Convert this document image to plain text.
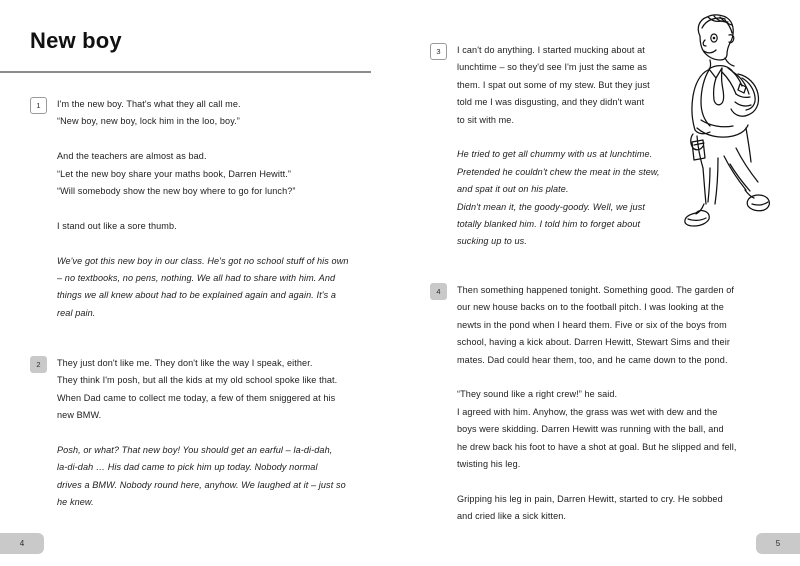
New boy
1	I'm the new boy. That's what they all call me.
“New boy, new boy, lock him in the loo, boy.”
And the teachers are almost as bad.
“Let the new boy share your maths book, Darren Hewitt.”
“Will somebody show the new boy where to go for lunch?”
I stand out like a sore thumb.
We've got this new boy in our class. He's got no school stuff of his own
– no textbooks, no pens, nothing. We all had to share with him. And
things we all knew about had to be explained again and again. It's a
real pain.
2	They just don't like me. They don't like the way I speak, either.
They think I'm posh, but all the kids at my old school spoke like that.
When Dad came to collect me today, a few of them sniggered at his
new BMW.
Posh, or what? That new boy! You should get an earful – la-di-dah,
la-di-dah … His dad came to pick him up today. Nobody normal
drives a BMW. Nobody round here, anyhow. We laughed at it – just so
he knew.
4
3	I can't do anything. I started mucking about at
lunchtime – so they'd see I'm just the same as
them. I spat out some of my stew. But they just
told me I was disgusting, and they didn't want
to sit with me.
He tried to get all chummy with us at lunchtime.
Pretended he couldn't chew the meat in the stew,
and spat it out on his plate.
Didn't mean it, the goody-goody. Well, we just
totally blanked him. I told him to forget about
sucking up to us.
4	Then something happened tonight. Something good. The garden of
our new house backs on to the football pitch. I was looking at the
newts in the pond when I heard them. Five or six of the boys from
school, having a kick about. Darren Hewitt, Stewart Sims and their
mates. Dad could hear them, too, and he came down to the pond.
“They sound like a right crew!” he said.
I agreed with him. Anyhow, the grass was wet with dew and the
boys were skidding. Darren Hewitt was running with the ball, and
he drew back his foot to have a shot at goal. But he slipped and fell,
twisting his leg.
Gripping his leg in pain, Darren Hewitt, started to cry. He sobbed
and cried like a sick kitten.
5
